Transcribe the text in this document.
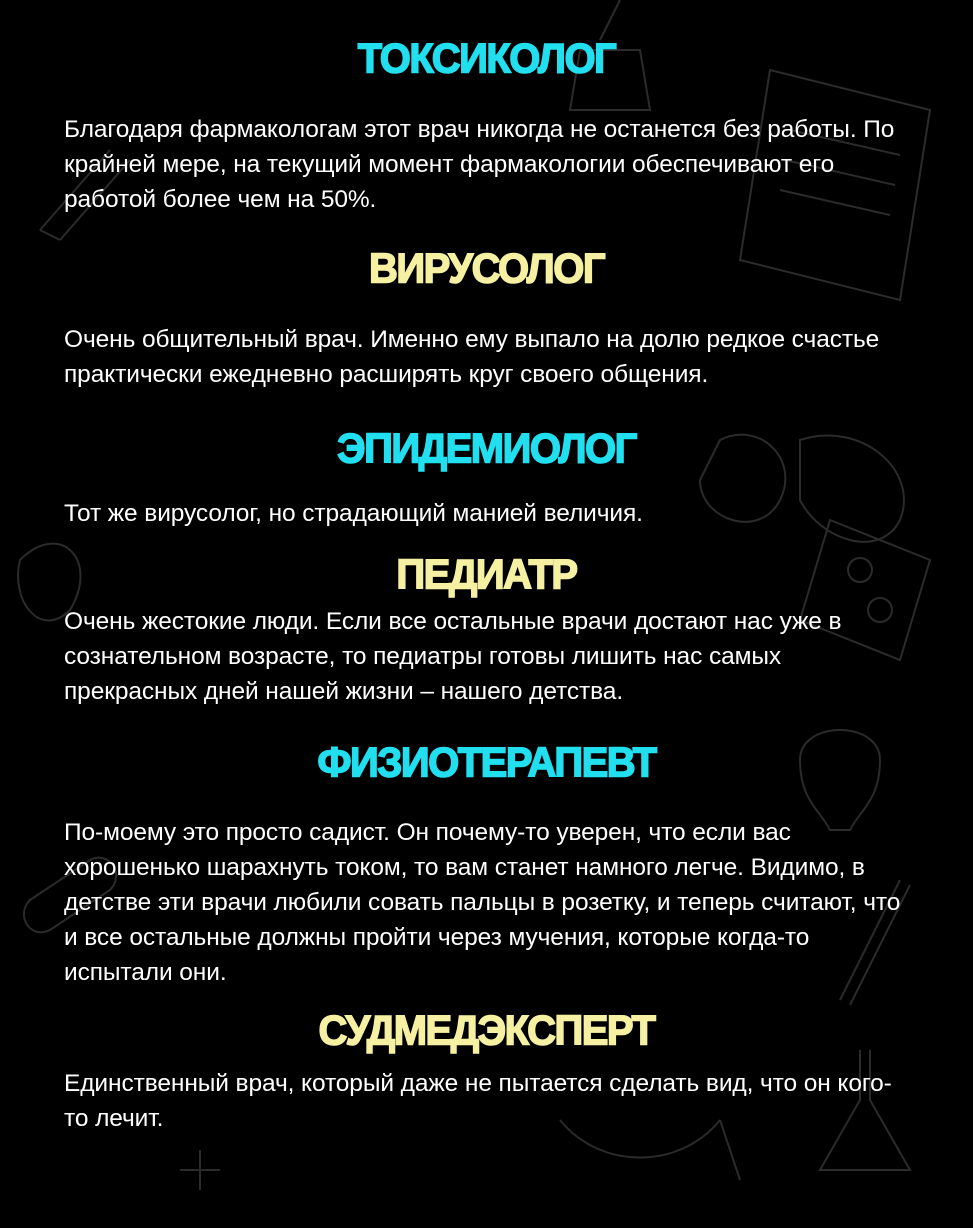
ТОКСИКОЛОГ

Благодаря фармакологам этот врач никогда не останется без работы. По крайней мере, на текущий момент фармакологии обеспечивают его работой более чем на 50%.

ВИРУСОЛОГ

Очень общительный врач. Именно ему выпало на долю редкое счастье практически ежедневно расширять круг своего общения.

ЭПИДЕМИОЛОГ

Тот же вирусолог, но страдающий манией величия.

ПЕДИАТР

Очень жестокие люди. Если все остальные врачи достают нас уже в сознательном возрасте, то педиатры готовы лишить нас самых прекрасных дней нашей жизни – нашего детства.

ФИЗИОТЕРАПЕВТ

По-моему это просто садист. Он почему-то уверен, что если вас хорошенько шарахнуть током, то вам станет намного легче. Видимо, в детстве эти врачи любили совать пальцы в розетку, и теперь считают, что и все остальные должны пройти через мучения, которые когда-то испытали они.

СУДМЕДЭКСПЕРТ

Единственный врач, который даже не пытается сделать вид, что он кого-то лечит.
